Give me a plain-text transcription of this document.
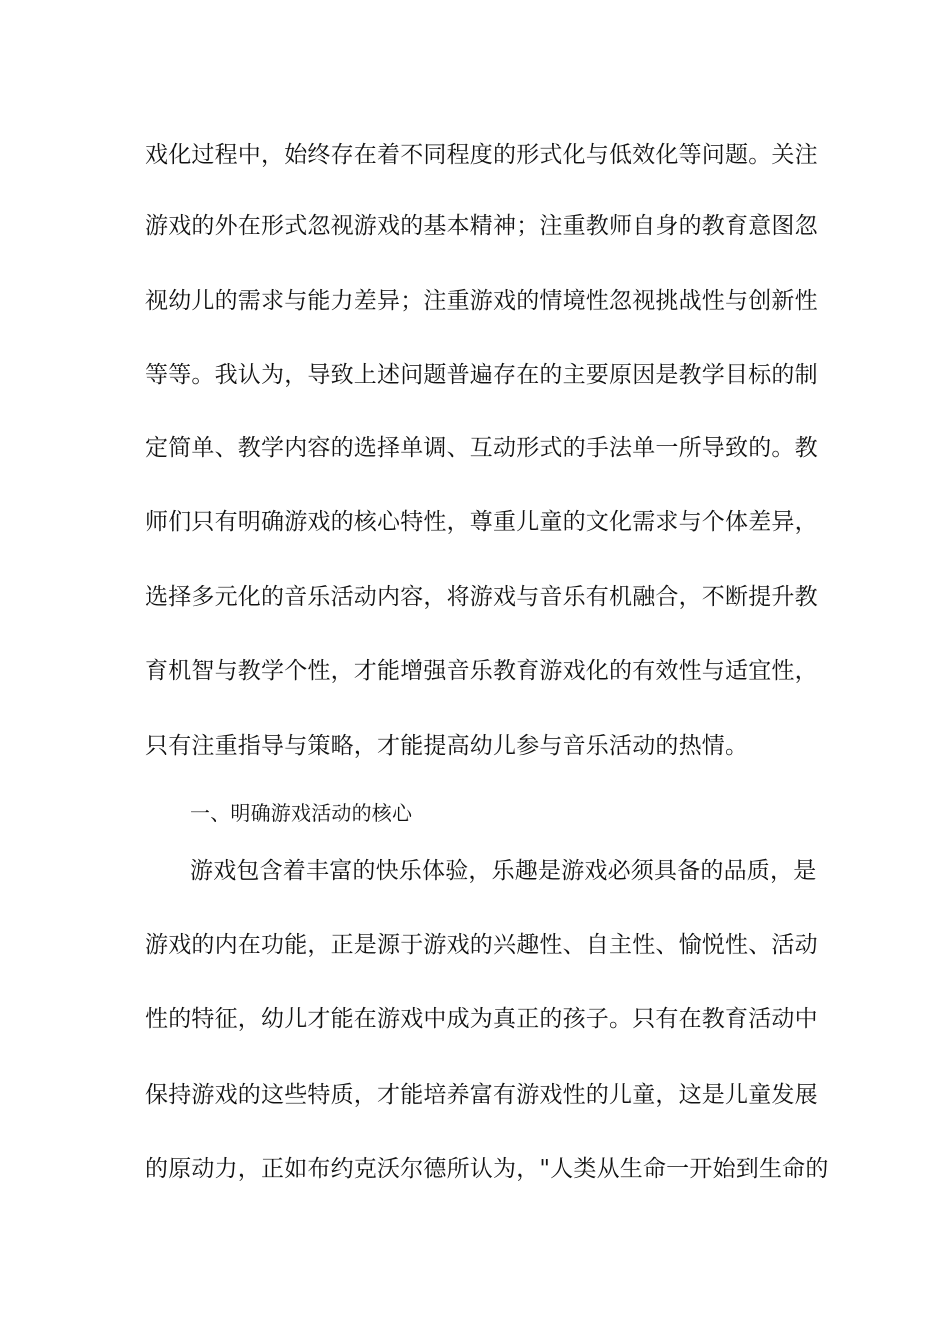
戏化过程中，始终存在着不同程度的形式化与低效化等问题。关注
游戏的外在形式忽视游戏的基本精神；注重教师自身的教育意图忽
视幼儿的需求与能力差异；注重游戏的情境性忽视挑战性与创新性
等等。我认为，导致上述问题普遍存在的主要原因是教学目标的制
定简单、教学内容的选择单调、互动形式的手法单一所导致的。教
师们只有明确游戏的核心特性，尊重儿童的文化需求与个体差异，
选择多元化的音乐活动内容，将游戏与音乐有机融合，不断提升教
育机智与教学个性，才能增强音乐教育游戏化的有效性与适宜性，
只有注重指导与策略，才能提高幼儿参与音乐活动的热情。
一、明确游戏活动的核心
游戏包含着丰富的快乐体验，乐趣是游戏必须具备的品质，是
游戏的内在功能，正是源于游戏的兴趣性、自主性、愉悦性、活动
性的特征，幼儿才能在游戏中成为真正的孩子。只有在教育活动中
保持游戏的这些特质，才能培养富有游戏性的儿童，这是儿童发展
的原动力，正如布约克沃尔德所认为，"人类从生命一开始到生命的
